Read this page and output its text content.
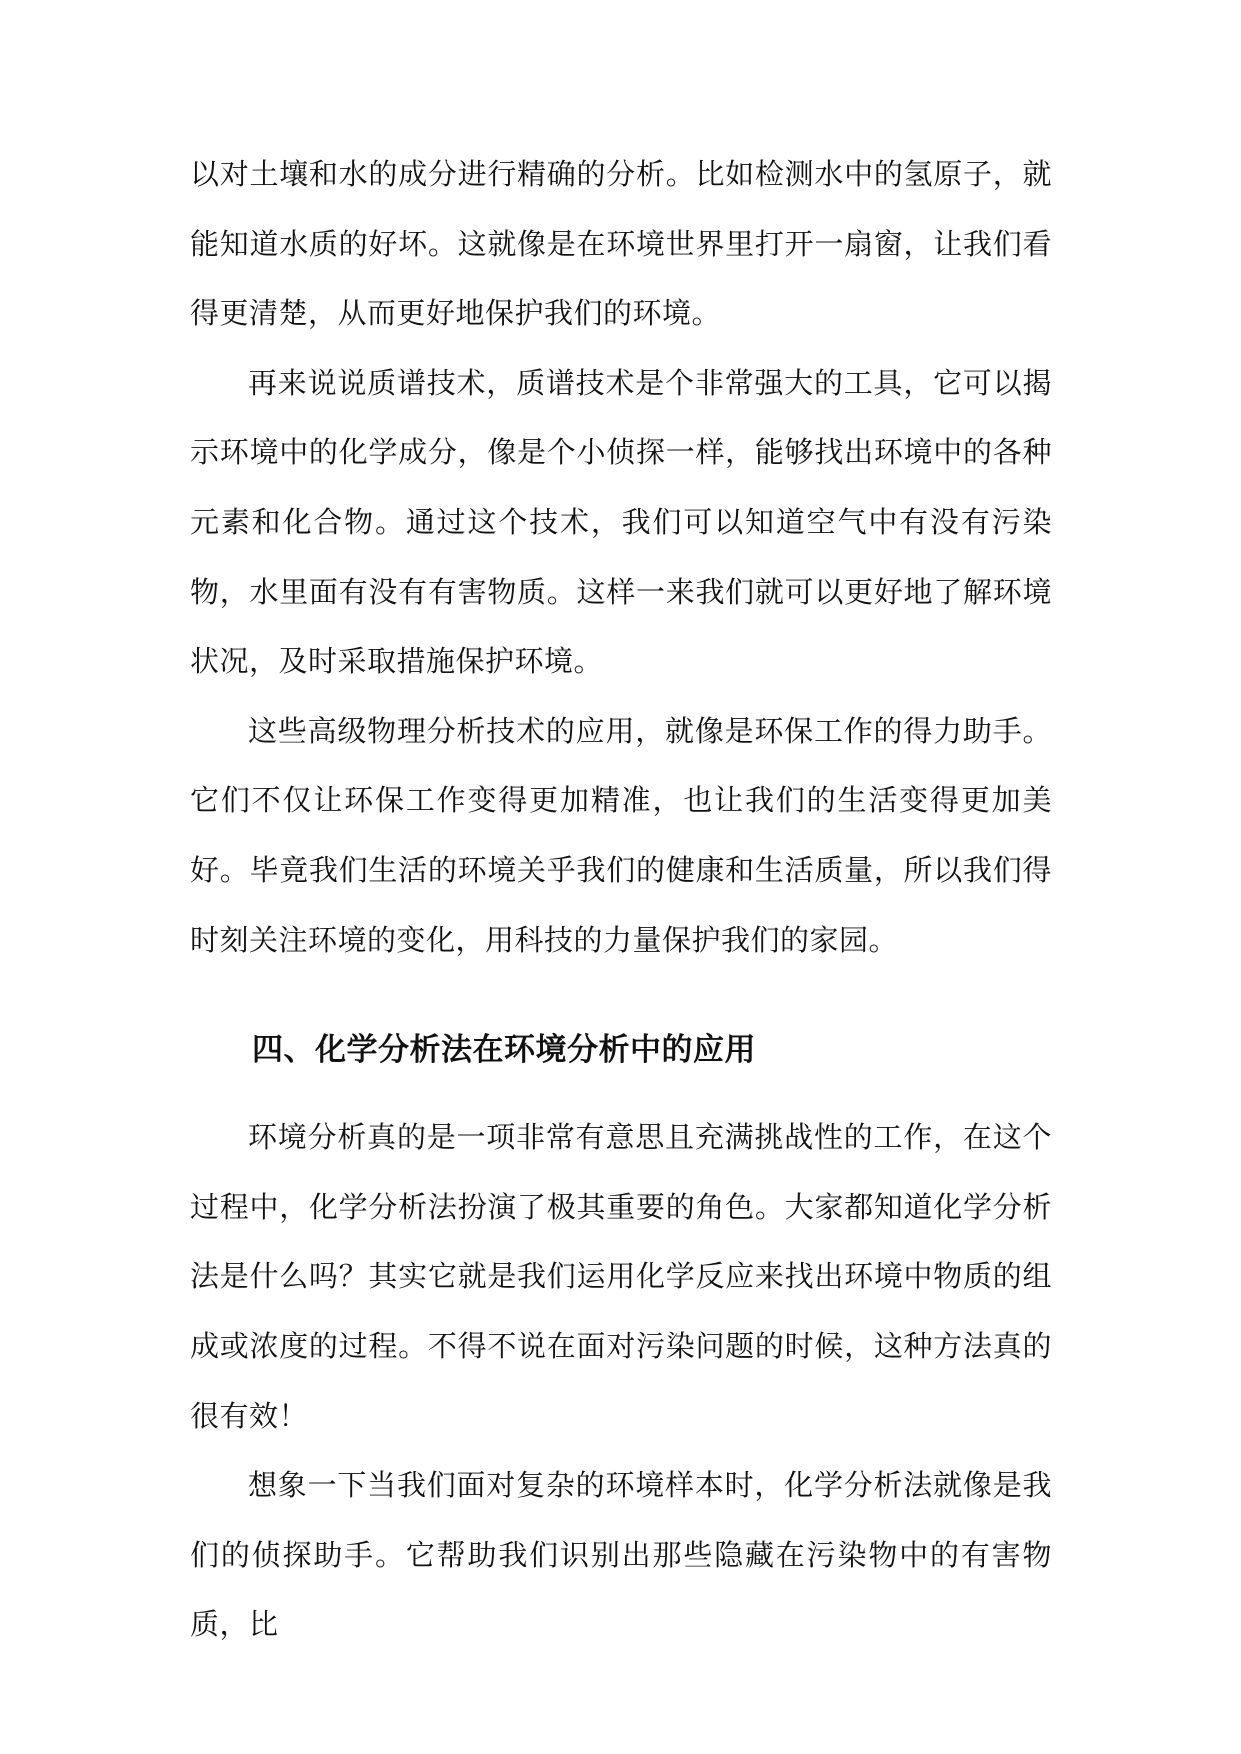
以对土壤和水的成分进行精确的分析。比如检测水中的氢原子，就能知道水质的好坏。这就像是在环境世界里打开一扇窗，让我们看得更清楚，从而更好地保护我们的环境。

再来说说质谱技术，质谱技术是个非常强大的工具，它可以揭示环境中的化学成分，像是个小侦探一样，能够找出环境中的各种元素和化合物。通过这个技术，我们可以知道空气中有没有污染物，水里面有没有有害物质。这样一来我们就可以更好地了解环境状况，及时采取措施保护环境。

这些高级物理分析技术的应用，就像是环保工作的得力助手。它们不仅让环保工作变得更加精准，也让我们的生活变得更加美好。毕竟我们生活的环境关乎我们的健康和生活质量，所以我们得时刻关注环境的变化，用科技的力量保护我们的家园。

四、化学分析法在环境分析中的应用

环境分析真的是一项非常有意思且充满挑战性的工作，在这个过程中，化学分析法扮演了极其重要的角色。大家都知道化学分析法是什么吗？其实它就是我们运用化学反应来找出环境中物质的组成或浓度的过程。不得不说在面对污染问题的时候，这种方法真的很有效！

想象一下当我们面对复杂的环境样本时，化学分析法就像是我们的侦探助手。它帮助我们识别出那些隐藏在污染物中的有害物质，比
